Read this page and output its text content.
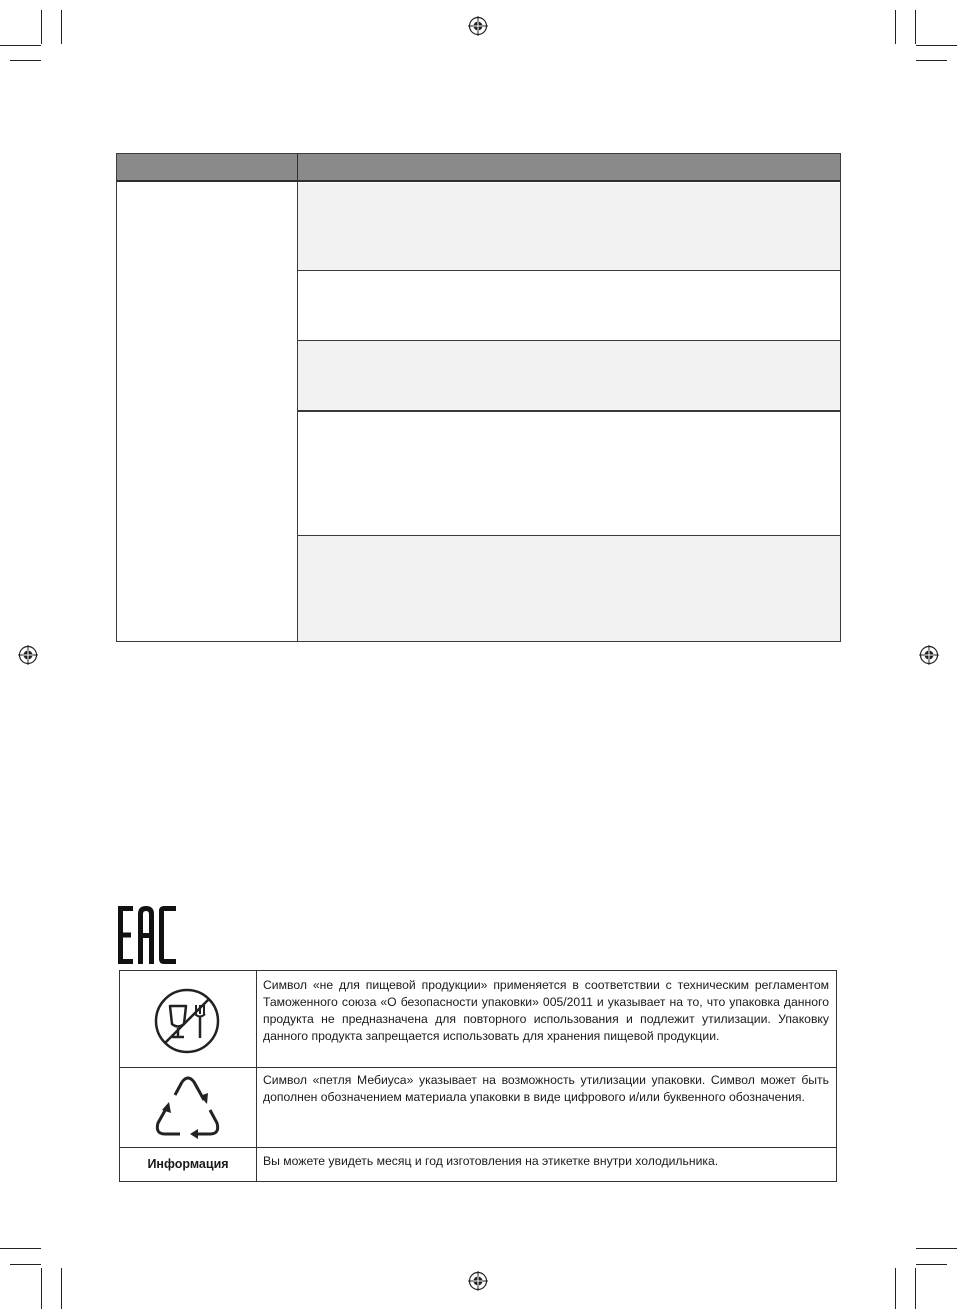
Символ «не для пищевой продукции» применяется в соответствии с техническим регламентом Таможенного союза «О безопасности упаковки» 005/2011 и указывает на то, что упаковка данного продукта не предназначена для повторного использования и подлежит утилизации. Упаковку данного продукта запрещается использовать для хранения пищевой продукции.
Символ «петля Мебиуса» указывает на возможность утилизации упаковки. Символ может быть дополнен обозначением материала упаковки в виде цифрового и/или буквенного обозначения.
Информация	Вы можете увидеть месяц и год изготовления на этикетке внутри холодильника.
